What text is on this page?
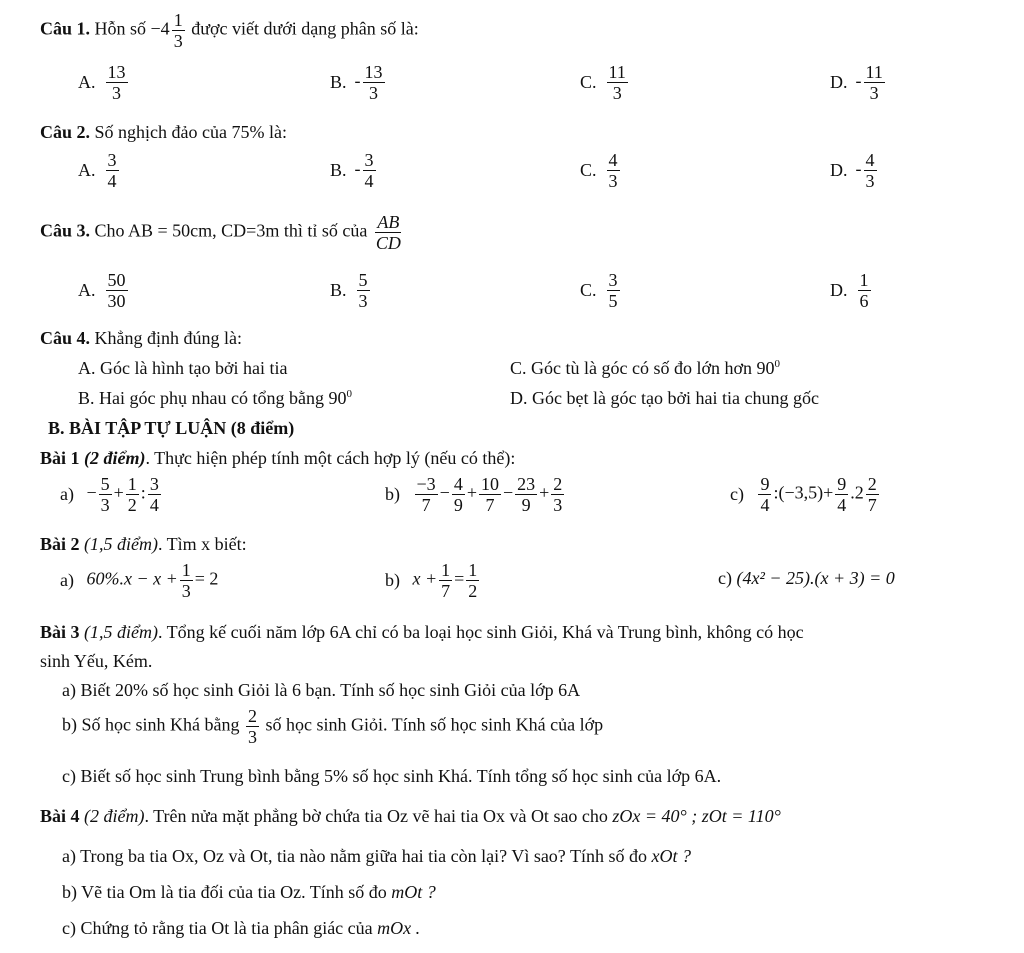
Câu 1. Hỗn số $-4 \frac{1}{3}$ được viết dưới dạng phân số là:
A. $\frac{13}{3}$	B. - $\frac{13}{3}$	C. $\frac{11}{3}$	D. - $\frac{11}{3}$
Câu 2. Số nghịch đảo của 75% là:
A. $\frac{3}{4}$	B. - $\frac{3}{4}$	C. $\frac{4}{3}$	D. - $\frac{4}{3}$
Câu 3. Cho AB = 50cm, CD=3m thì tỉ số của $\frac{AB}{CD}$
A. $\frac{50}{30}$	B. $\frac{5}{3}$	C. $\frac{3}{5}$	D. $\frac{1}{6}$
Câu 4. Khẳng định đúng là:
A. Góc là hình tạo bởi hai tia	C. Góc tù là góc có số đo lớn hơn $90^0$
B. Hai góc phụ nhau có tổng bằng $90^0$	D. Góc bẹt là góc tạo bởi hai tia chung gốc
B. BÀI TẬP TỰ LUẬN (8 điểm)
Bài 1 (2 điểm). Thực hiện phép tính một cách hợp lý (nếu có thể):
$a) - \frac{5}{3} + \frac{1}{2}$ : $\frac{3}{4}$	$b) \frac{-3}{7} - \frac{4}{9} + \frac{10}{7} - \frac{23}{9} + \frac{2}{3}$	$c) \frac{9}{4}$ :(−3,5)+ $\frac{9}{4} .2 \frac{2}{7}$
Bài 2 (1,5 điểm). Tìm x biết:
a) $60\%.x - x + \frac{1}{3} = 2$	b) $x + \frac{1}{7} = \frac{1}{2}$	c) (4x² − 25).(x + 3) = 0
Bài 3 (1,5 điểm). Tổng kế cuối năm lớp 6A chỉ có ba loại học sinh Giỏi, Khá và Trung bình, không có học
sinh Yếu, Kém.
a) Biết 20% số học sinh Giỏi là 6 bạn. Tính số học sinh Giỏi của lớp 6A
b) Số học sinh Khá bằng $\frac{2}{3}$ số học sinh Giỏi. Tính số học sinh Khá của lớp
c) Biết số học sinh Trung bình bằng 5% số học sinh Khá. Tính tổng số học sinh của lớp 6A.
Bài 4 (2 điểm). Trên nửa mặt phẳng bờ chứa tia Oz vẽ hai tia Ox và Ot sao cho zOx = 40° ; zOt = 110°
a) Trong ba tia Ox, Oz và Ot, tia nào nằm giữa hai tia còn lại? Vì sao? Tính số đo xOt ?
b) Vẽ tia Om là tia đối của tia Oz. Tính số đo mOt ?
c) Chứng tỏ rằng tia Ot là tia phân giác của mOx .
